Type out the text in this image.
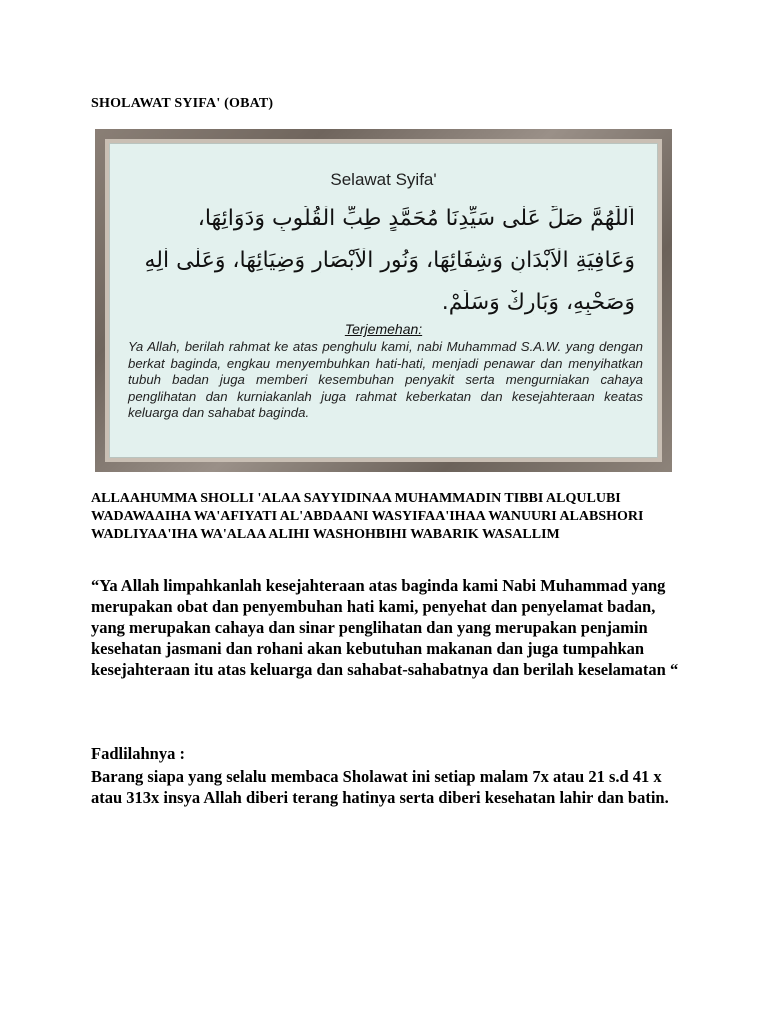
SHOLAWAT SYIFA' (OBAT)
Selawat Syifa'
اَللّٰهُمَّ صَلِّ عَلٰى سَيِّدِنَا مُحَمَّدٍ طِبِّ الْقُلُوبِ وَدَوَائِهَا،
وَعَافِيَةِ الْاَبْدَانِ وَشِفَائِهَا، وَنُورِ الْاَبْصَارِ وَضِيَائِهَا، وَعَلٰى اٰلِهِ
وَصَحْبِهِ، وَبَارِكْ وَسَلِّمْ.
Terjemehan:
Ya Allah, berilah rahmat ke atas penghulu kami, nabi Muhammad S.A.W. yang dengan berkat baginda, engkau menyembuhkan hati-hati, menjadi penawar dan menyihatkan tubuh badan juga memberi kesembuhan penyakit serta mengurniakan cahaya penglihatan dan kurniakanlah juga rahmat keberkatan dan kesejahteraan keatas keluarga dan sahabat baginda.
ALLAAHUMMA SHOLLI 'ALAA SAYYIDINAA MUHAMMADIN TIBBI ALQULUBI WADAWAAIHA WA'AFIYATI AL'ABDAANI WASYIFAA'IHAA WANUURI ALABSHORI WADLIYAA'IHA WA'ALAA ALIHI WASHOHBIHI WABARIK WASALLIM
“Ya Allah limpahkanlah kesejahteraan atas baginda kami Nabi Muhammad yang merupakan obat dan penyembuhan hati kami, penyehat dan penyelamat badan, yang merupakan cahaya dan sinar penglihatan dan yang merupakan penjamin kesehatan jasmani dan rohani akan kebutuhan makanan dan juga tumpahkan kesejahteraan itu atas keluarga dan sahabat-sahabatnya dan berilah keselamatan “
Fadlilahnya :
Barang siapa yang selalu membaca Sholawat ini setiap malam 7x atau 21 s.d 41 x atau 313x insya Allah diberi terang hatinya serta diberi kesehatan lahir dan batin.
